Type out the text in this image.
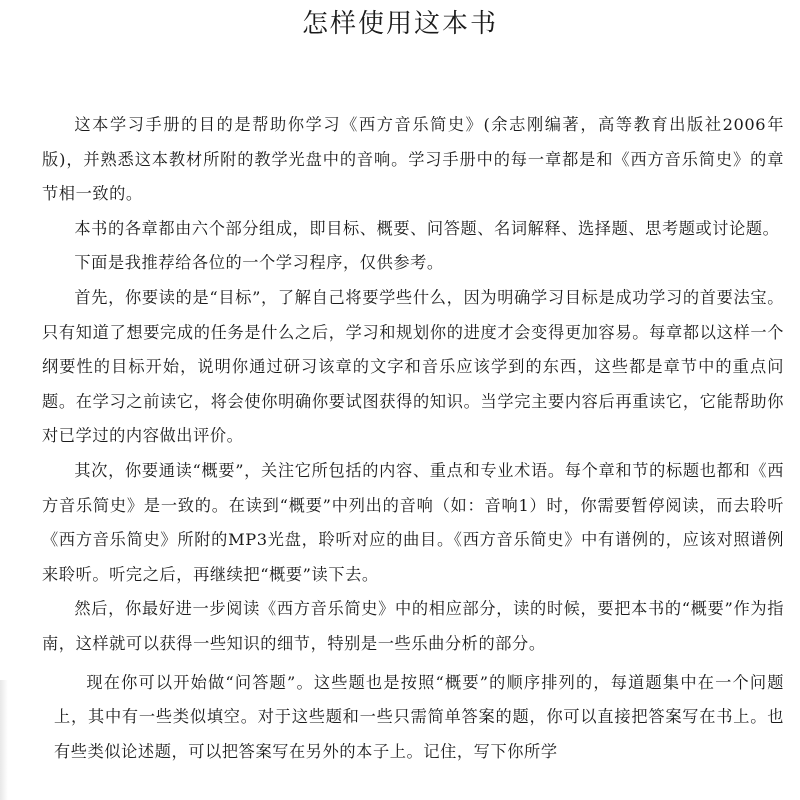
怎样使用这本书

这本学习手册的目的是帮助你学习《西方音乐简史》(余志刚编著，高等教育出版社2006年版)，并熟悉这本教材所附的教学光盘中的音响。学习手册中的每一章都是和《西方音乐简史》的章节相一致的。

本书的各章都由六个部分组成，即目标、概要、问答题、名词解释、选择题、思考题或讨论题。

下面是我推荐给各位的一个学习程序，仅供参考。

首先，你要读的是“目标”，了解自己将要学些什么，因为明确学习目标是成功学习的首要法宝。只有知道了想要完成的任务是什么之后，学习和规划你的进度才会变得更加容易。每章都以这样一个纲要性的目标开始，说明你通过研习该章的文字和音乐应该学到的东西，这些都是章节中的重点问题。在学习之前读它，将会使你明确你要试图获得的知识。当学完主要内容后再重读它，它能帮助你对已学过的内容做出评价。

其次，你要通读“概要”，关注它所包括的内容、重点和专业术语。每个章和节的标题也都和《西方音乐简史》是一致的。在读到“概要”中列出的音响（如：音响1）时，你需要暂停阅读，而去聆听《西方音乐简史》所附的MP3光盘，聆听对应的曲目。《西方音乐简史》中有谱例的，应该对照谱例来聆听。听完之后，再继续把“概要”读下去。

然后，你最好进一步阅读《西方音乐简史》中的相应部分，读的时候，要把本书的“概要”作为指南，这样就可以获得一些知识的细节，特别是一些乐曲分析的部分。

现在你可以开始做“问答题”。这些题也是按照“概要”的顺序排列的，每道题集中在一个问题上，其中有一些类似填空。对于这些题和一些只需简单答案的题，你可以直接把答案写在书上。也有些类似论述题，可以把答案写在另外的本子上。记住，写下你所学
